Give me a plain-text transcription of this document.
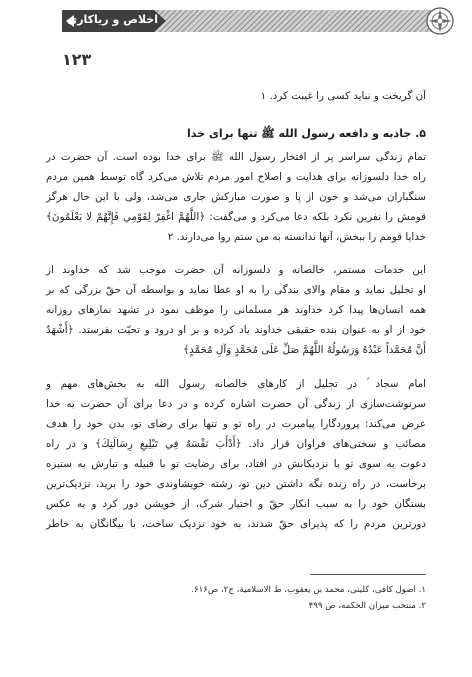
اخلاص و ریاکاری
۱۲۳
آن گریخت و نباید کسی را غیبت کرد. ۱
۵. جاذبه و دافعه رسول الله ﷺ تنها برای خدا
تمام زندگی سراسر پر از افتخار رسول الله ﷺ برای خدا بوده است. آن حضرت در
راه خدا دلسوزانه برای هدایت و اصلاح امور مردم تلاش می‌کرد گاه توسط همین مردم
سنگباران می‌شد و خون از پا و صورت مبارکش جاری می‌شد، ولی با این حال هرگز
قومش را نفرین نکرد بلکه دعا می‌کرد و می‌گفت: ﴿اللَّهُمَّ اغْفِرْ لِقَوْمِي فَإِنَّهُمْ لا يَعْلَمُونَ﴾
خدایا قومم را ببخش، آنها ندانسته به من ستم روا می‌دارند. ۲
این خدمات مستمر، خالصانه و دلسوزانه آن حضرت موجب شد که خداوند از
او تجلیل نماید و مقام والای بندگی را به او عطا نماید و بواسطه آن حقّ بزرگی که بر
همه انسان‌ها پیدا کرد خداوند هر مسلمانی را موظف نمود در تشهد نمازهای روزانه
خود از او به عنوان بنده حقیقی خداوند یاد کرده و بر او درود و تحیّت بفرستد. ﴿أَشْهَدُ
أَنَّ مُحَمَّداً عَبْدُهُ وَرَسُولُهُ اللَّهُمَّ صَلِّ عَلَى مُحَمَّدٍ وَآلِ مُحَمَّدٍ﴾
امام سجاد ؑ در تجلیل از کارهای خالصانه رسول الله به بخش‌های مهم و
سرنوشت‌سازی از زندگی آن حضرت اشاره کرده و در دعا برای آن حضرت به خدا
عرض می‌کند: پروردگارا پیامبرت در راه تو و تنها برای رضای تو، بدن خود را هدف
مصائب و سختی‌های فراوان قرار داد. ﴿أَدْأَبَ نَفْسَهُ فِي تَبْلِيغِ رِسَالَتِكَ﴾ و در راه
دعوت به سوی تو با نزدیکانش در افتاد، برای رضایت تو با قبیله و تبارش به ستیزه
برخاست، در راه زنده نگه داشتن دین تو، رشته خویشاوندی خود را برید، نزدیک‌ترین
بستگان خود را به سبب انکار حقّ و اختیار شرک، از خویشن دور کرد و به عکس
دورترین مردم را که پذیرای حقّ شدند، به خود نزدیک ساخت، با بیگانگان به خاطر
۱. اصول کافی، کلینی، محمد بن یعقوب، ط الاسلامیة، ج۲، ص۶۱۶.
۲. منتخب میزان الحکمه، ص ۴۹۹
